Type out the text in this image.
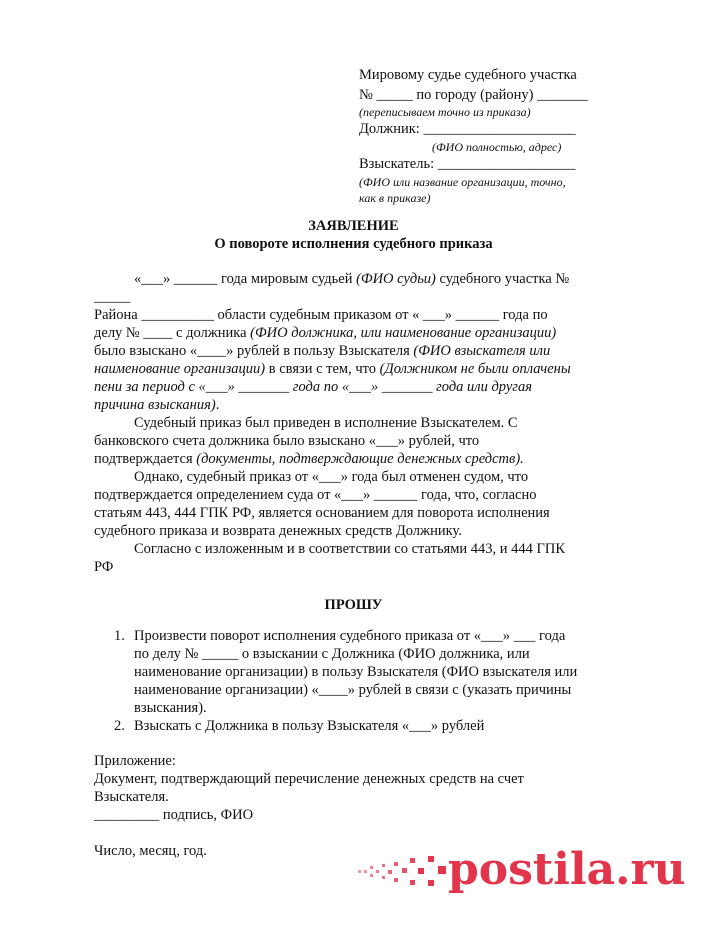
Мировому судье судебного участка
№ _____ по городу (району) _______
(переписываем точно из приказа)
Должник: _____________________
(ФИО полностью, адрес)
Взыскатель: ___________________
(ФИО или название организации, точно,
как в приказе)
ЗАЯВЛЕНИЕ
О повороте исполнения судебного приказа
«___» ______ года мировым судьей (ФИО судьи) судебного участка №
_____
Района __________ области судебным приказом от « ___» ______ года по
делу № ____ с должника (ФИО должника, или наименование организации)
было взыскано «____» рублей в пользу Взыскателя (ФИО взыскателя или
наименование организации) в связи с тем, что (Должником не были оплачены
пени за период с «___» _______ года по «___» _______ года или другая
причина взыскания).
Судебный приказ был приведен в исполнение Взыскателем. С
банковского счета должника было взыскано «___» рублей, что
подтверждается (документы, подтверждающие денежных средств).
Однако, судебный приказ от «___» года был отменен судом, что
подтверждается определением суда от «___» ______ года, что, согласно
статьям 443, 444 ГПК РФ, является основанием для поворота исполнения
судебного приказа и возврата денежных средств Должнику.
Согласно с изложенным и в соответствии со статьями 443, и 444 ГПК
РФ
ПРОШУ
1. Произвести поворот исполнения судебного приказа от «___» ___ года
по делу № _____ о взыскании с Должника (ФИО должника, или
наименование организации) в пользу Взыскателя (ФИО взыскателя или
наименование организации) «____» рублей в связи с (указать причины
взыскания).
2. Взыскать с Должника в пользу Взыскателя «___» рублей
Приложение:
Документ, подтверждающий перечисление денежных средств на счет
Взыскателя.
_________ подпись, ФИО
Число, месяц, год.	postila.ru
